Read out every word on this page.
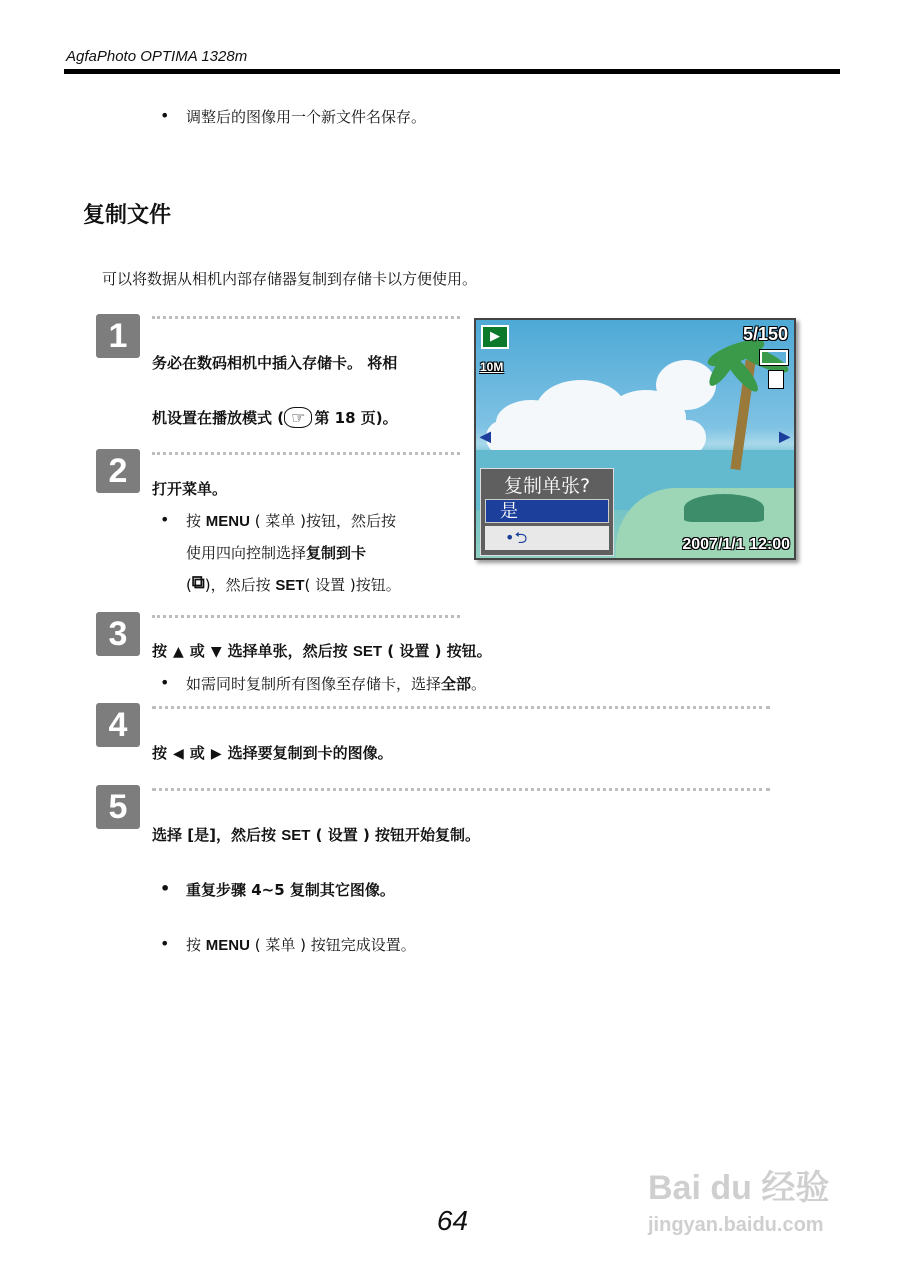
AgfaPhoto OPTIMA 1328m
• 调整后的图像用一个新文件名保存。
复制文件
可以将数据从相机内部存储器复制到存储卡以方便使用。
1
务必在数码相机中插入存储卡。 将相
机设置在播放模式 ( ☞ 第 18 页)。
2	打开菜单。
• 按 MENU ( 菜单 )按钮，然后按
使用四向控制选择复制到卡
(⧉)，然后按 SET( 设置 )按钮。
▶	5/150
10M
◀	▶
复制单张?
是
•⮌	2007/1/1 12:00
3	按 ▲ 或 ▼ 选择单张，然后按 SET ( 设置 ) 按钮。
• 如需同时复制所有图像至存储卡，选择全部。
4
按 ◀ 或 ▶ 选择要复制到卡的图像。
5
选择 [是]，然后按 SET ( 设置 ) 按钮开始复制。
• 重复步骤 4~5 复制其它图像。
• 按 MENU ( 菜单 ) 按钮完成设置。
64
Bai du 经验
jingyan.baidu.com
